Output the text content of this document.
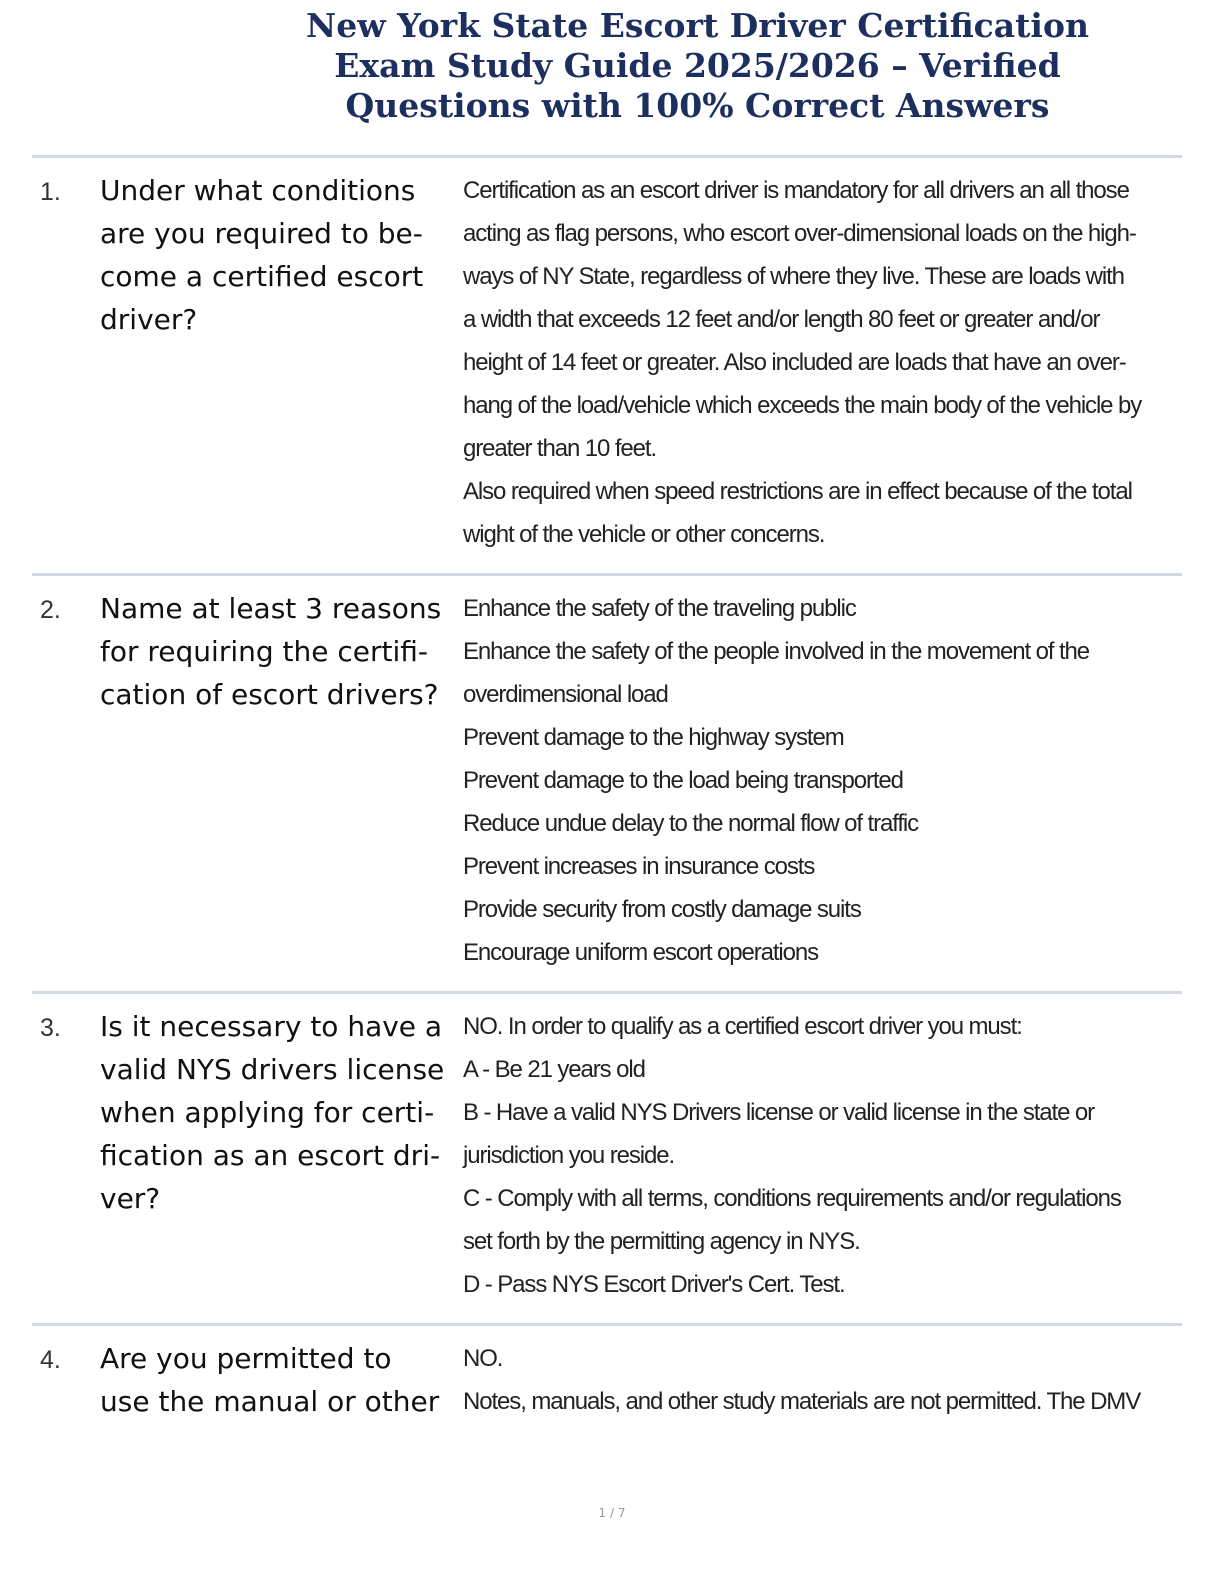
New York State Escort Driver Certification
Exam Study Guide 2025/2026 – Verified
Questions with 100% Correct Answers
1. Under what conditions
are you required to be-
come a certified escort
driver?
Certification as an escort driver is mandatory for all drivers an all those
acting as flag persons, who escort over-dimensional loads on the high-
ways of NY State, regardless of where they live. These are loads with
a width that exceeds 12 feet and/or length 80 feet or greater and/or
height of 14 feet or greater. Also included are loads that have an over-
hang of the load/vehicle which exceeds the main body of the vehicle by
greater than 10 feet.
Also required when speed restrictions are in effect because of the total
wight of the vehicle or other concerns.
2. Name at least 3 reasons
for requiring the certifi-
cation of escort drivers?
Enhance the safety of the traveling public
Enhance the safety of the people involved in the movement of the
overdimensional load
Prevent damage to the highway system
Prevent damage to the load being transported
Reduce undue delay to the normal flow of traffic
Prevent increases in insurance costs
Provide security from costly damage suits
Encourage uniform escort operations
3. Is it necessary to have a
valid NYS drivers license
when applying for certi-
fication as an escort dri-
ver?
NO. In order to qualify as a certified escort driver you must:
A - Be 21 years old
B - Have a valid NYS Drivers license or valid license in the state or
jurisdiction you reside.
C - Comply with all terms, conditions requirements and/or regulations
set forth by the permitting agency in NYS.
D - Pass NYS Escort Driver's Cert. Test.
4. Are you permitted to
use the manual or other
NO.
Notes, manuals, and other study materials are not permitted. The DMV
1 / 7
